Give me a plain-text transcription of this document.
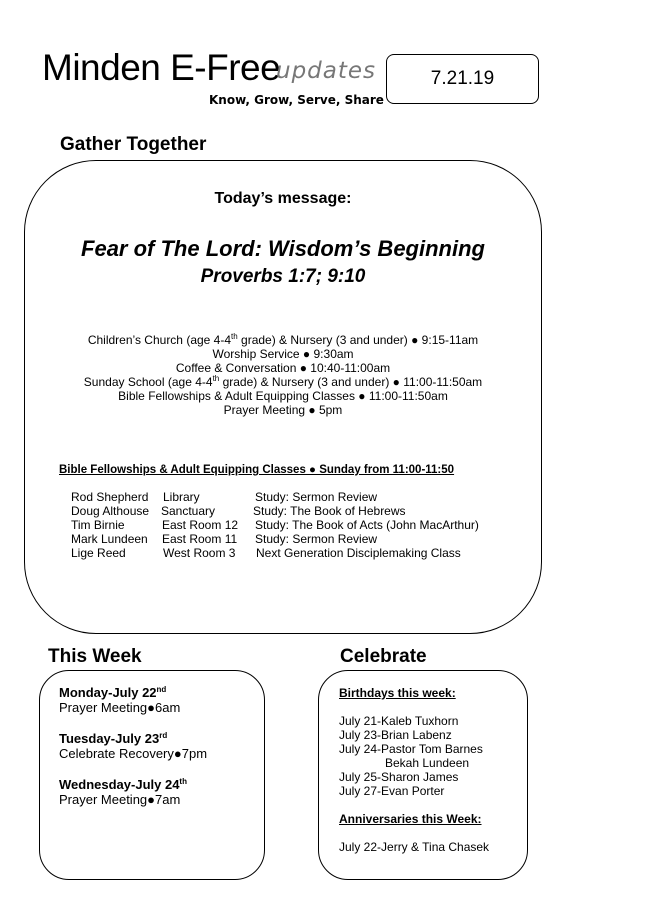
Minden E-Free
updates
Know, Grow, Serve, Share
7.21.19
Gather Together
Today’s message:
Fear of The Lord: Wisdom’s Beginning
Proverbs 1:7; 9:10
Children’s Church (age 4-4th grade) & Nursery (3 and under) ● 9:15-11am
Worship Service ● 9:30am
Coffee & Conversation ● 10:40-11:00am
Sunday School (age 4-4th grade) & Nursery (3 and under) ● 11:00-11:50am
Bible Fellowships & Adult Equipping Classes ● 11:00-11:50am
Prayer Meeting ● 5pm
Bible Fellowships & Adult Equipping Classes ● Sunday from 11:00-11:50
Rod Shepherd Library	Study: Sermon Review
Doug Althouse Sanctuary	Study: The Book of Hebrews
Tim Birnie	East Room 12 Study: The Book of Acts (John MacArthur)
Mark Lundeen East Room 11 Study: Sermon Review
Lige Reed	West Room 3 Next Generation Disciplemaking Class
This Week
Monday-July 22nd
Prayer Meeting●6am
Tuesday-July 23rd
Celebrate Recovery●7pm
Wednesday-July 24th
Prayer Meeting●7am
Celebrate
Birthdays this week:
July 21-Kaleb Tuxhorn
July 23-Brian Labenz
July 24-Pastor Tom Barnes
Bekah Lundeen
July 25-Sharon James
July 27-Evan Porter
Anniversaries this Week:
July 22-Jerry & Tina Chasek
